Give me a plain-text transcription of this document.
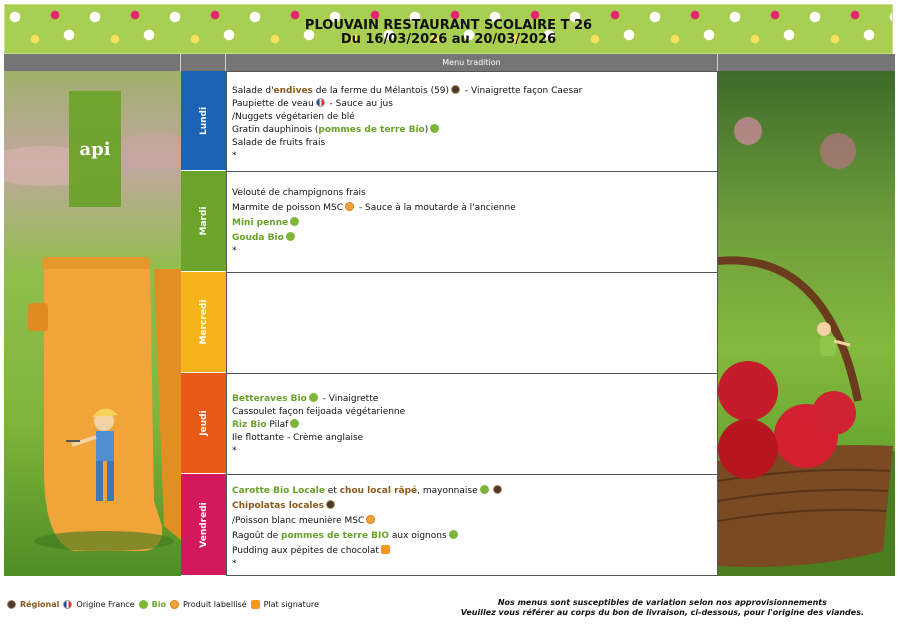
PLOUVAIN RESTAURANT SCOLAIRE T 26
Du 16/03/2026 au 20/03/2026
Menu tradition
api
Lundi
Mardi
Mercredi
Jeudi
Vendredi
Salade d'endives de la ferme du Mélantois (59) - Vinaigrette façon Caesar
Paupiette de veau - Sauce au jus
/Nuggets végétarien de blé
Gratin dauphinois (pommes de terre Bio)
Salade de fruits frais
*
Velouté de champignons frais
Marmite de poisson MSC - Sauce à la moutarde à l'ancienne
Mini penne
Gouda Bio
*
Betteraves Bio - Vinaigrette
Cassoulet façon feijoada végétarienne
Riz Bio Pilaf
Ile flottante - Crème anglaise
*
Carotte Bio Locale et chou local râpé, mayonnaise
Chipolatas locales
/Poisson blanc meunière MSC
Ragoût de pommes de terre BIO aux oignons
Pudding aux pépites de chocolat
*
Régional Origine France Bio Produit labellisé Plat signature	Nos menus sont susceptibles de variation selon nos approvisionnements
Veuillez vous référer au corps du bon de livraison, ci-dessous, pour l'origine des viandes.
